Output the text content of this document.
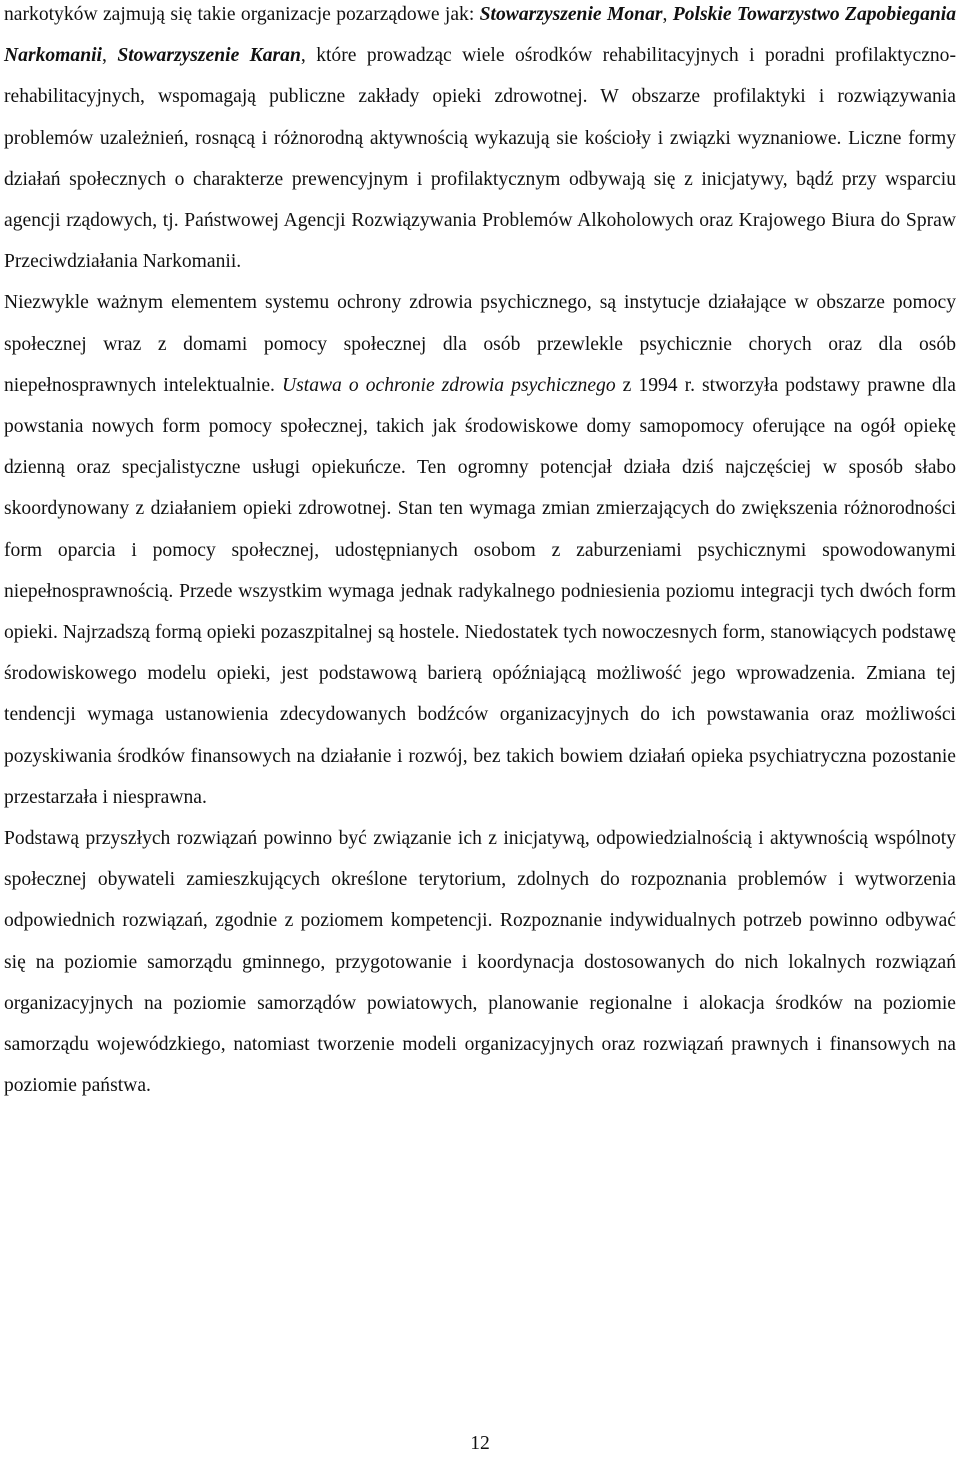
narkotyków zajmują się takie organizacje pozarządowe jak: Stowarzyszenie Monar, Polskie Towarzystwo Zapobiegania Narkomanii, Stowarzyszenie Karan, które prowadząc wiele ośrodków rehabilitacyjnych i poradni profilaktyczno-rehabilitacyjnych, wspomagają publiczne zakłady opieki zdrowotnej. W obszarze profilaktyki i rozwiązywania problemów uzależnień, rosnącą i różnorodną aktywnością wykazują sie kościoły i związki wyznaniowe. Liczne formy działań społecznych o charakterze prewencyjnym i profilaktycznym odbywają się z inicjatywy, bądź przy wsparciu agencji rządowych, tj. Państwowej Agencji Rozwiązywania Problemów Alkoholowych oraz Krajowego Biura do Spraw Przeciwdziałania Narkomanii.

Niezwykle ważnym elementem systemu ochrony zdrowia psychicznego, są instytucje działające w obszarze pomocy społecznej wraz z domami pomocy społecznej dla osób przewlekle psychicznie chorych oraz dla osób niepełnosprawnych intelektualnie. Ustawa o ochronie zdrowia psychicznego z 1994 r. stworzyła podstawy prawne dla powstania nowych form pomocy społecznej, takich jak środowiskowe domy samopomocy oferujące na ogół opiekę dzienną oraz specjalistyczne usługi opiekuńcze. Ten ogromny potencjał działa dziś najczęściej w sposób słabo skoordynowany z działaniem opieki zdrowotnej. Stan ten wymaga zmian zmierzających do zwiększenia różnorodności form oparcia i pomocy społecznej, udostępnianych osobom z zaburzeniami psychicznymi spowodowanymi niepełnosprawnością. Przede wszystkim wymaga jednak radykalnego podniesienia poziomu integracji tych dwóch form opieki. Najrzadszą formą opieki pozaszpitalnej są hostele. Niedostatek tych nowoczesnych form, stanowiących podstawę środowiskowego modelu opieki, jest podstawową barierą opóźniającą możliwość jego wprowadzenia. Zmiana tej tendencji wymaga ustanowienia zdecydowanych bodźców organizacyjnych do ich powstawania oraz możliwości pozyskiwania środków finansowych na działanie i rozwój, bez takich bowiem działań opieka psychiatryczna pozostanie przestarzała i niesprawna.

Podstawą przyszłych rozwiązań powinno być związanie ich z inicjatywą, odpowiedzialnością i aktywnością wspólnoty społecznej obywateli zamieszkujących określone terytorium, zdolnych do rozpoznania problemów i wytworzenia odpowiednich rozwiązań, zgodnie z poziomem kompetencji. Rozpoznanie indywidualnych potrzeb powinno odbywać się na poziomie samorządu gminnego, przygotowanie i koordynacja dostosowanych do nich lokalnych rozwiązań organizacyjnych na poziomie samorządów powiatowych, planowanie regionalne i alokacja środków na poziomie samorządu wojewódzkiego, natomiast tworzenie modeli organizacyjnych oraz rozwiązań prawnych i finansowych na poziomie państwa.

12
